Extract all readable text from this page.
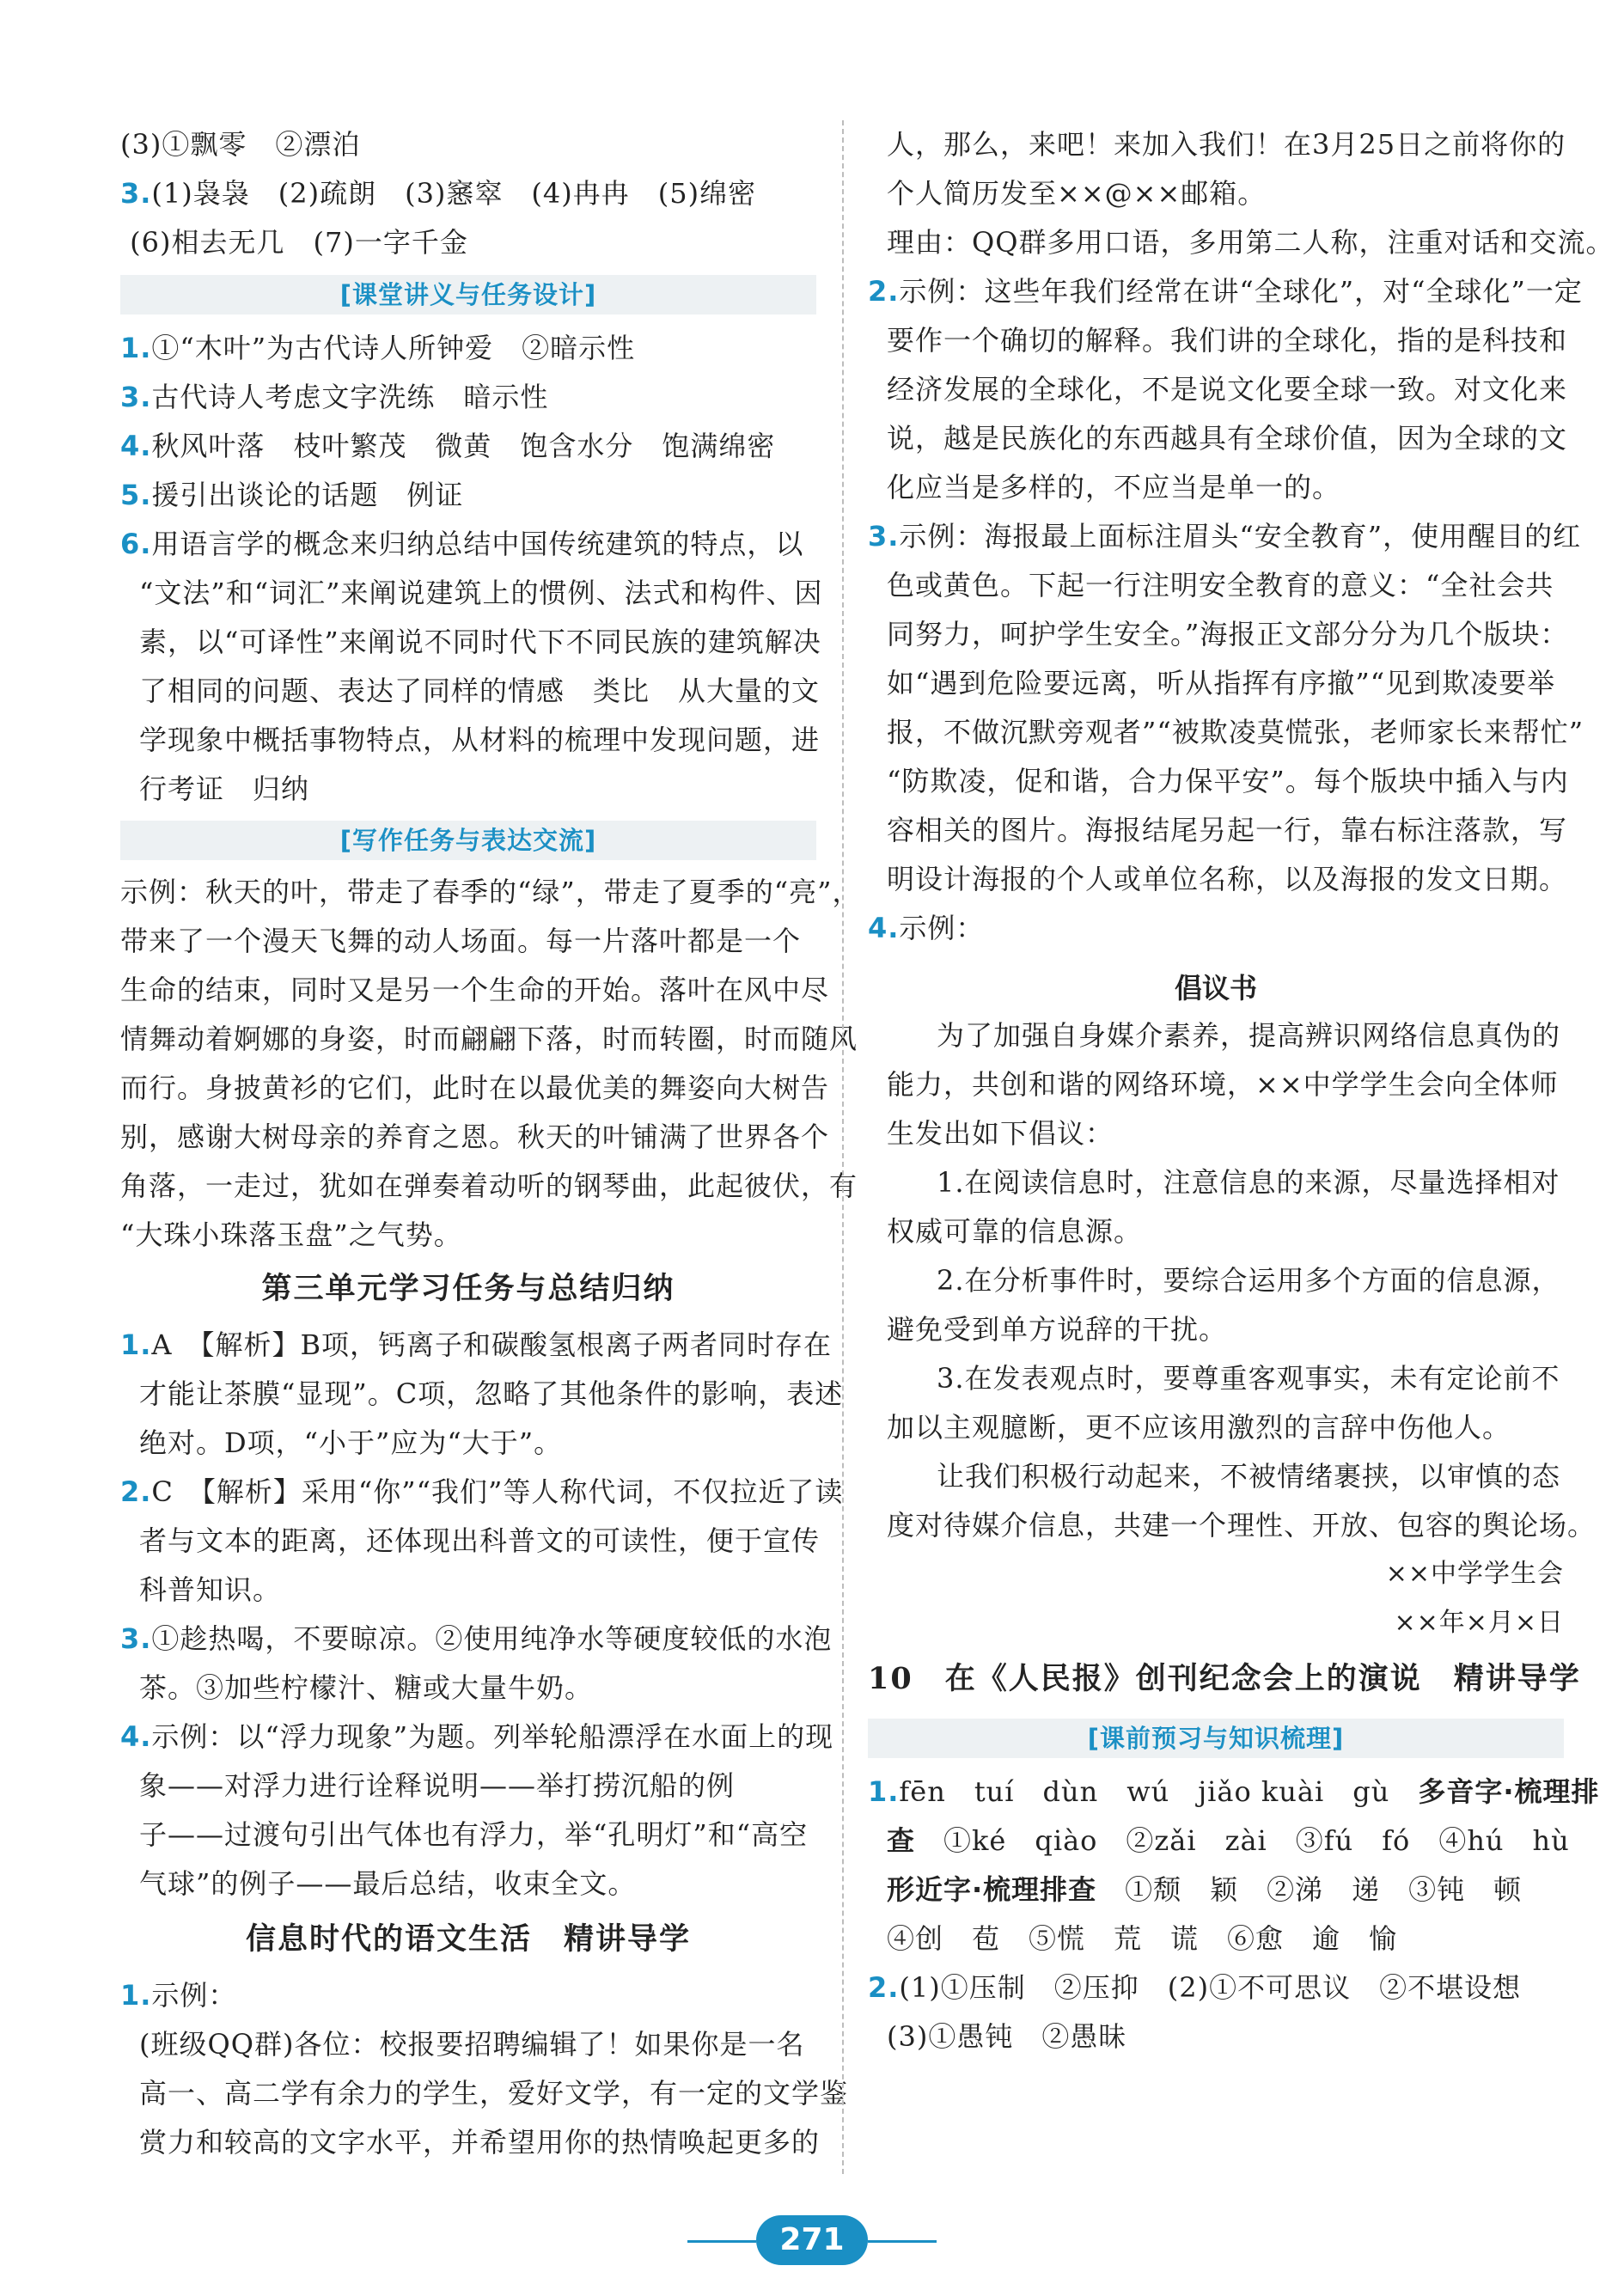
(3)①飘零　②漂泊
3.(1)袅袅　(2)疏朗　(3)窸窣　(4)冉冉　(5)绵密
(6)相去无几　(7)一字千金
[课堂讲义与任务设计]
1.①“木叶”为古代诗人所钟爱　②暗示性
3.古代诗人考虑文字洗练　暗示性
4.秋风叶落　枝叶繁茂　微黄　饱含水分　饱满绵密
5.援引出谈论的话题　例证
6.用语言学的概念来归纳总结中国传统建筑的特点，以
“文法”和“词汇”来阐说建筑上的惯例、法式和构件、因
素，以“可译性”来阐说不同时代下不同民族的建筑解决
了相同的问题、表达了同样的情感　类比　从大量的文
学现象中概括事物特点，从材料的梳理中发现问题，进
行考证　归纳
[写作任务与表达交流]
示例：秋天的叶，带走了春季的“绿”，带走了夏季的“亮”，
带来了一个漫天飞舞的动人场面。每一片落叶都是一个
生命的结束，同时又是另一个生命的开始。落叶在风中尽
情舞动着婀娜的身姿，时而翩翩下落，时而转圈，时而随风
而行。身披黄衫的它们，此时在以最优美的舞姿向大树告
别，感谢大树母亲的养育之恩。秋天的叶铺满了世界各个
角落，一走过，犹如在弹奏着动听的钢琴曲，此起彼伏，有
“大珠小珠落玉盘”之气势。
第三单元学习任务与总结归纳
1.A　【解析】B项，钙离子和碳酸氢根离子两者同时存在
才能让茶膜“显现”。C项，忽略了其他条件的影响，表述
绝对。D项，“小于”应为“大于”。
2.C　【解析】采用“你”“我们”等人称代词，不仅拉近了读
者与文本的距离，还体现出科普文的可读性，便于宣传
科普知识。
3.①趁热喝，不要晾凉。②使用纯净水等硬度较低的水泡
茶。③加些柠檬汁、糖或大量牛奶。
4.示例：以“浮力现象”为题。列举轮船漂浮在水面上的现
象——对浮力进行诠释说明——举打捞沉船的例
子——过渡句引出气体也有浮力，举“孔明灯”和“高空
气球”的例子——最后总结，收束全文。
信息时代的语文生活　精讲导学
1.示例：
(班级QQ群)各位：校报要招聘编辑了！如果你是一名
高一、高二学有余力的学生，爱好文学，有一定的文学鉴
赏力和较高的文字水平，并希望用你的热情唤起更多的
人，那么，来吧！来加入我们！在3月25日之前将你的
个人简历发至××@××邮箱。
理由：QQ群多用口语，多用第二人称，注重对话和交流。
2.示例：这些年我们经常在讲“全球化”，对“全球化”一定
要作一个确切的解释。我们讲的全球化，指的是科技和
经济发展的全球化，不是说文化要全球一致。对文化来
说，越是民族化的东西越具有全球价值，因为全球的文
化应当是多样的，不应当是单一的。
3.示例：海报最上面标注眉头“安全教育”，使用醒目的红
色或黄色。下起一行注明安全教育的意义：“全社会共
同努力，呵护学生安全。”海报正文部分分为几个版块：
如“遇到危险要远离，听从指挥有序撤”“见到欺凌要举
报，不做沉默旁观者”“被欺凌莫慌张，老师家长来帮忙”
“防欺凌，促和谐，合力保平安”。每个版块中插入与内
容相关的图片。海报结尾另起一行，靠右标注落款，写
明设计海报的个人或单位名称，以及海报的发文日期。
4.示例：
倡议书
为了加强自身媒介素养，提高辨识网络信息真伪的
能力，共创和谐的网络环境，××中学学生会向全体师
生发出如下倡议：
1.在阅读信息时，注意信息的来源，尽量选择相对
权威可靠的信息源。
2.在分析事件时，要综合运用多个方面的信息源，
避免受到单方说辞的干扰。
3.在发表观点时，要尊重客观事实，未有定论前不
加以主观臆断，更不应该用激烈的言辞中伤他人。
让我们积极行动起来，不被情绪裹挟，以审慎的态
度对待媒介信息，共建一个理性、开放、包容的舆论场。
××中学学生会
××年×月×日
10　在《人民报》创刊纪念会上的演说　精讲导学
[课前预习与知识梳理]
1.fēn　tuí　dùn　wú　jiǎo kuài　gù　多音字·梳理排
查　①ké　qiào　②zǎi　zài　③fú　fó　④hú　hù
形近字·梳理排查　①颓　颖　②涕　递　③钝　顿
④创　苞　⑤慌　荒　谎　⑥愈　逾　愉
2.(1)①压制　②压抑　(2)①不可思议　②不堪设想
(3)①愚钝　②愚昧
271
